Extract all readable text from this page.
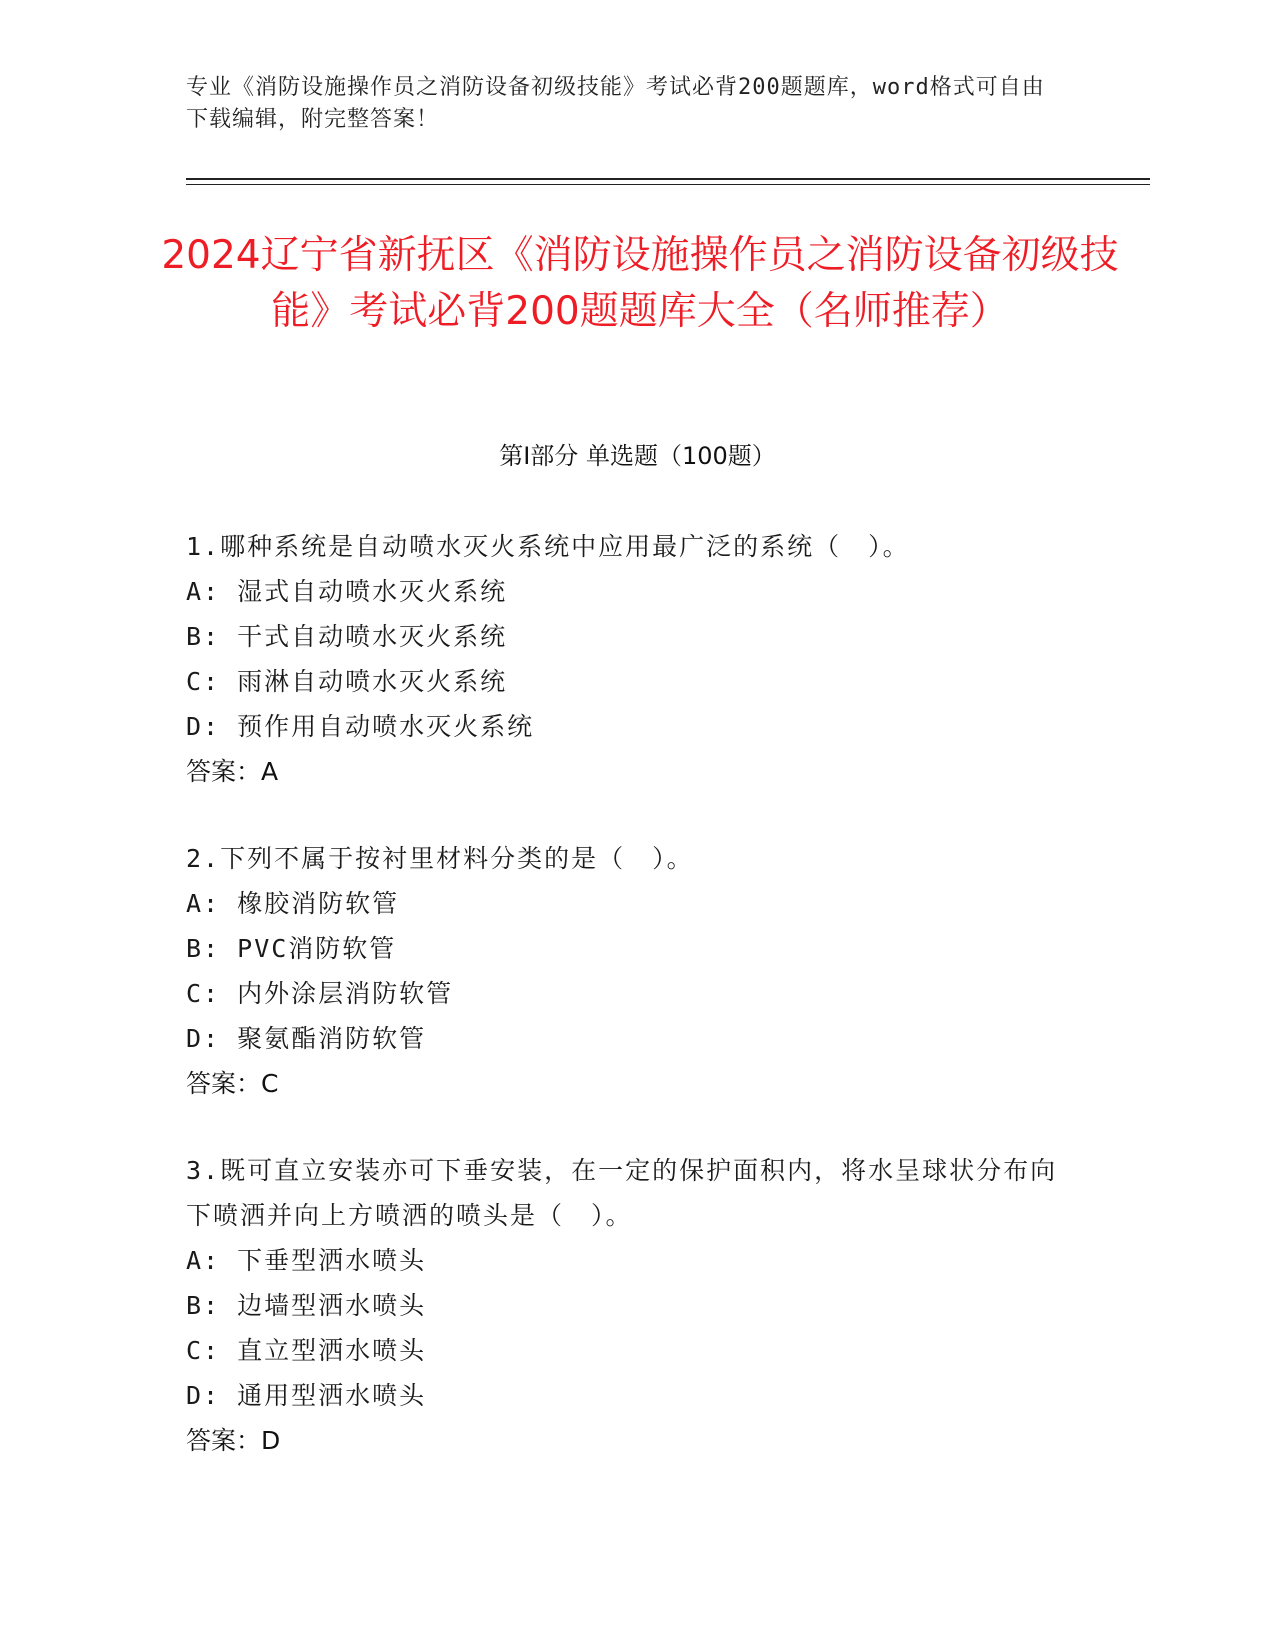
专业《消防设施操作员之消防设备初级技能》考试必背200题题库，word格式可自由下载编辑，附完整答案！
2024辽宁省新抚区《消防设施操作员之消防设备初级技能》考试必背200题题库大全（名师推荐）
第Ⅰ部分 单选题（100题）
1.哪种系统是自动喷水灭火系统中应用最广泛的系统（　）。
A: 湿式自动喷水灭火系统
B: 干式自动喷水灭火系统
C: 雨淋自动喷水灭火系统
D: 预作用自动喷水灭火系统
答案：A
2.下列不属于按衬里材料分类的是（　）。
A: 橡胶消防软管
B: PVC消防软管
C: 内外涂层消防软管
D: 聚氨酯消防软管
答案：C
3.既可直立安装亦可下垂安装，在一定的保护面积内，将水呈球状分布向下喷洒并向上方喷洒的喷头是（　）。
A: 下垂型洒水喷头
B: 边墙型洒水喷头
C: 直立型洒水喷头
D: 通用型洒水喷头
答案：D
